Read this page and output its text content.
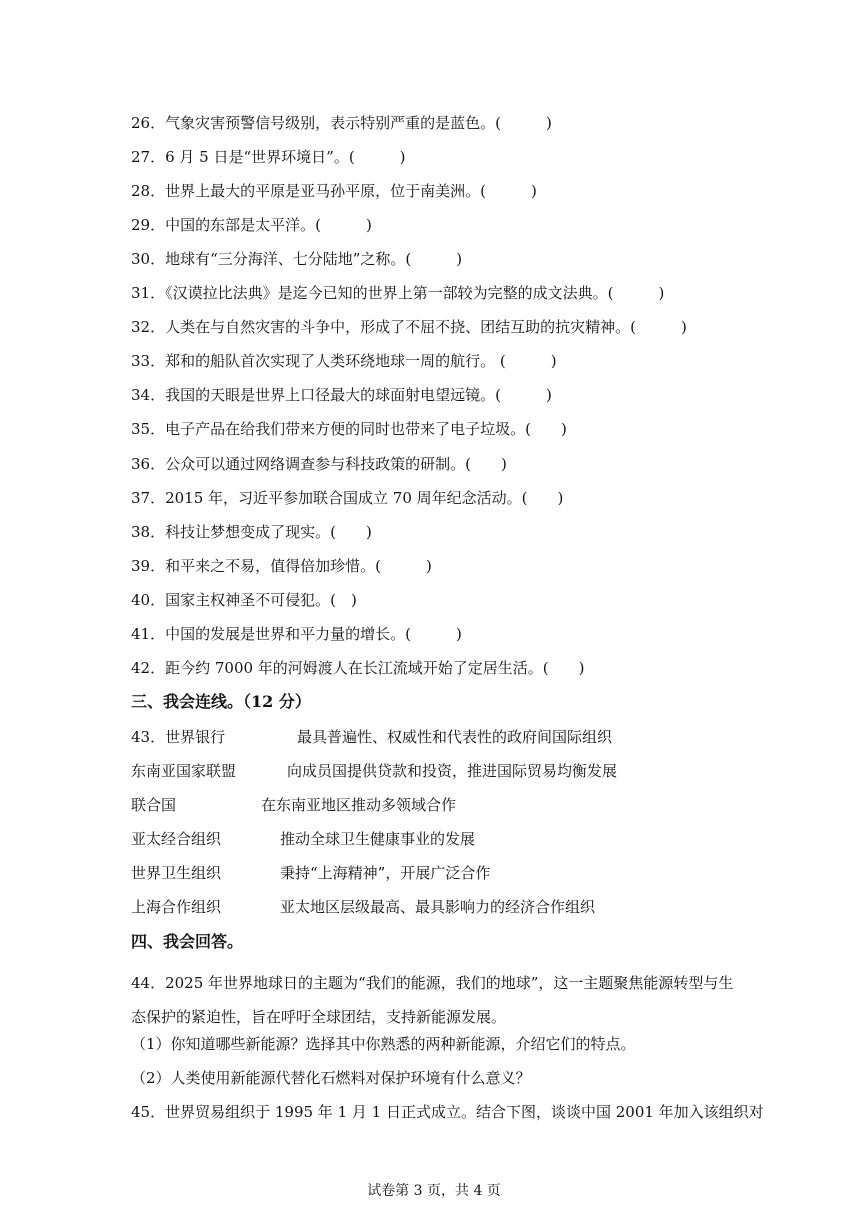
26．气象灾害预警信号级别，表示特别严重的是蓝色。(　　　)
27．6 月 5 日是“世界环境日”。(　　　)
28．世界上最大的平原是亚马孙平原，位于南美洲。(　　　)
29．中国的东部是太平洋。(　　　)
30．地球有“三分海洋、七分陆地”之称。(　　　)
31．《汉谟拉比法典》是迄今已知的世界上第一部较为完整的成文法典。(　　　)
32．人类在与自然灾害的斗争中，形成了不屈不挠、团结互助的抗灾精神。(　　　)
33．郑和的船队首次实现了人类环绕地球一周的航行。 (　　　)
34．我国的天眼是世界上口径最大的球面射电望远镜。(　　　)
35．电子产品在给我们带来方便的同时也带来了电子垃圾。(　　)
36．公众可以通过网络调查参与科技政策的研制。(　　)
37．2015 年，习近平参加联合国成立 70 周年纪念活动。(　　)
38．科技让梦想变成了现实。(　　)
39．和平来之不易，值得倍加珍惜。(　　　)
40．国家主权神圣不可侵犯。(　)
41．中国的发展是世界和平力量的增长。(　　　)
42．距今约 7000 年的河姆渡人在长江流域开始了定居生活。(　　)
三、我会连线。（12 分）
43．世界银行	最具普遍性、权威性和代表性的政府间国际组织
东南亚国家联盟	向成员国提供贷款和投资，推进国际贸易均衡发展
联合国	在东南亚地区推动多领域合作
亚太经合组织	推动全球卫生健康事业的发展
世界卫生组织	秉持“上海精神”，开展广泛合作
上海合作组织	亚太地区层级最高、最具影响力的经济合作组织
四、我会回答。
44．2025 年世界地球日的主题为“我们的能源，我们的地球”，这一主题聚焦能源转型与生态保护的紧迫性，旨在呼吁全球团结，支持新能源发展。
（1）你知道哪些新能源？选择其中你熟悉的两种新能源，介绍它们的特点。
（2）人类使用新能源代替化石燃料对保护环境有什么意义？
45．世界贸易组织于 1995 年 1 月 1 日正式成立。结合下图，谈谈中国 2001 年加入该组织对
试卷第 3 页，共 4 页
